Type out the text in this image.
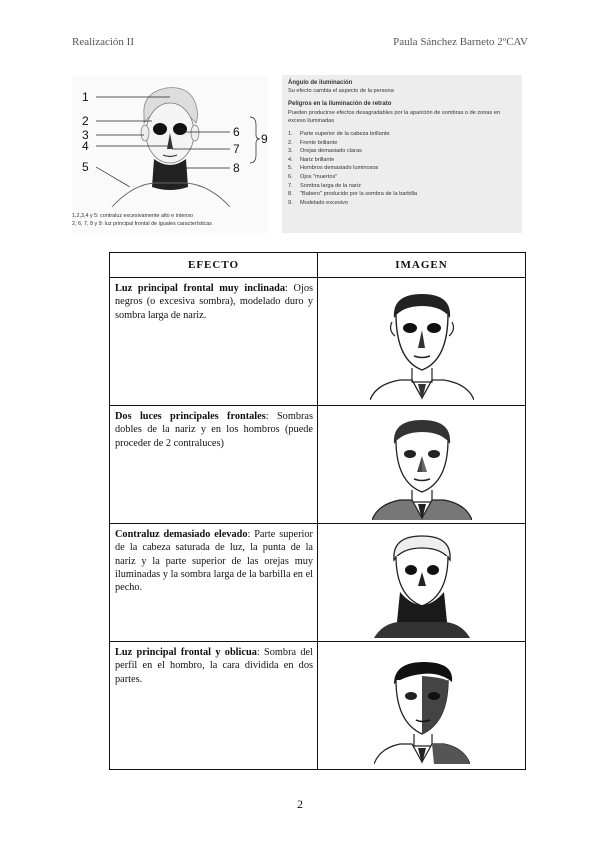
Realización II	Paula Sánchez Barneto 2ºCAV
1
2
3
4
5
6
7
8
9
1,2,3,4 y 5: contraluz excesivamente alto e intenso
2, 6, 7, 8 y 9: luz principal frontal de iguales características
Ángulo de iluminación
Su efecto cambia el aspecto de la persona
Peligros en la iluminación de retrato
Pueden producirse efectos desagradables por la aparición de sombras o de zonas en exceso iluminadas
1. Parte superior de la cabeza brillante
2. Frente brillante
3. Orejas demasiado claras
4. Nariz brillante
5. Hombros demasiado luminosos
6. Ojos "muertos"
7. Sombra larga de la nariz
8. "Babero" producido por la sombra de la barbilla
9. Modelado excesivo
EFECTO	IMAGEN

Luz principal frontal muy inclinada: Ojos negros (o excesiva sombra), modelado duro y sombra larga de nariz.

Dos luces principales frontales: Sombras dobles de la nariz y en los hombros (puede proceder de 2 contraluces)

Contraluz demasiado elevado: Parte superior de la cabeza saturada de luz, la punta de la nariz y la parte superior de las orejas muy iluminadas y la sombra larga de la barbilla en el pecho.

Luz principal frontal y oblicua: Sombra del perfil en el hombro, la cara dividida en dos partes.

2
